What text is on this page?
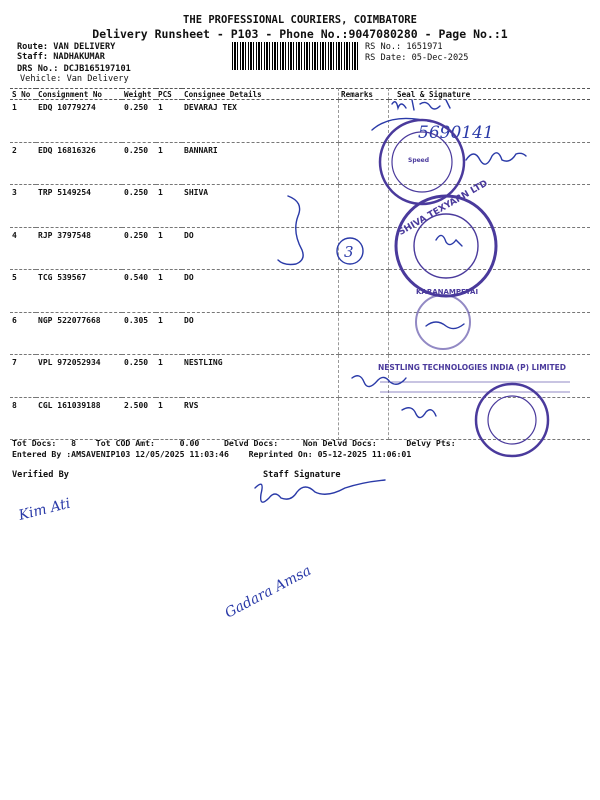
THE PROFESSIONAL COURIERS, COIMBATORE
Delivery Runsheet - P103 - Phone No.:9047080280 - Page No.:1
Route: VAN DELIVERY
Staff: NADHAKUMAR
DRS No.: DCJB165197101
Vehicle: Van Delivery
RS No.: 1651971
RS Date: 05-Dec-2025
S No	Consignment No	Weight	PCS	Consignee Details	Remarks	Seal & Signature
1	EDQ 10779274	0.250	1	DEVARAJ TEX		
2	EDQ 16816326	0.250	1	BANNARI		
3	TRP 5149254	0.250	1	SHIVA		
4	RJP 3797548	0.250	1	DO		
5	TCG 539567	0.540	1	DO		
6	NGP 522077668	0.305	1	DO		
7	VPL 972052934	0.250	1	NESTLING		
8	CGL 161039188	2.500	1	RVS		
Tot Docs:   8    Tot COD Amt:     0.00     Delvd Docs:     Non Delvd Docs:      Delvy Pts:
Entered By :AMSAVENIP103 12/05/2025 11:03:46    Reprinted On: 05-12-2025 11:06:01
Verified By	Staff Signature
5690141
Speed
3
SHIVA TEXYARN LTD
KARANAMPETAI
NESTLING TECHNOLOGIES INDIA (P) LIMITED
Kim Ati
Gadara Amsa
